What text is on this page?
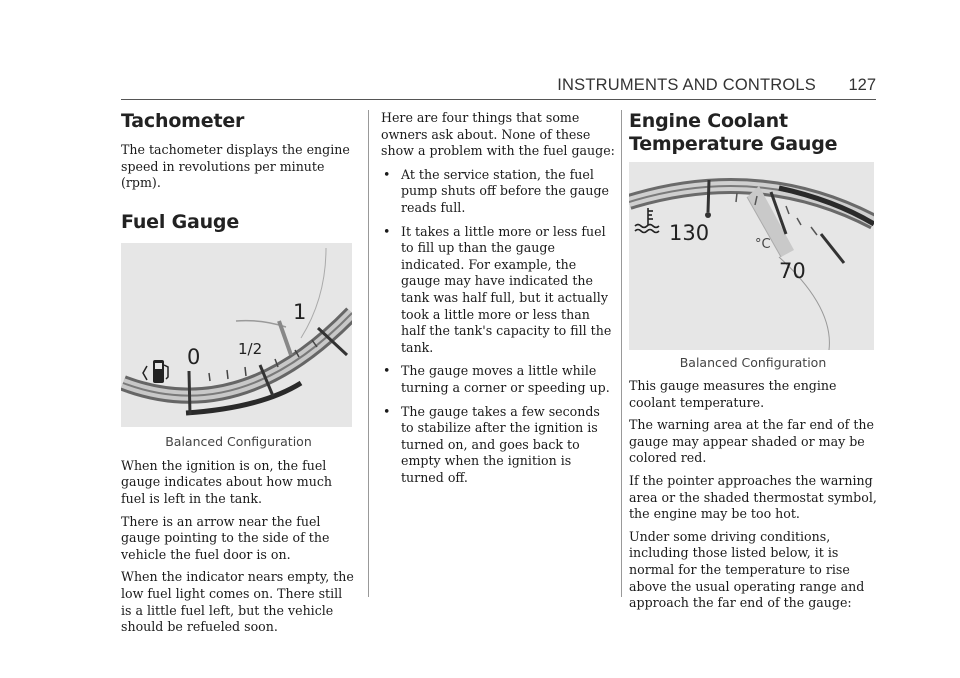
INSTRUMENTS AND CONTROLS 127
Tachometer

The tachometer displays the engine speed in revolutions per minute (rpm).

Fuel Gauge
0	1/2
1
Balanced Configuration

When the ignition is on, the fuel gauge indicates about how much fuel is left in the tank.

There is an arrow near the fuel gauge pointing to the side of the vehicle the fuel door is on.

When the indicator nears empty, the low fuel light comes on. There still is a little fuel left, but the vehicle should be refueled soon.

Here are four things that some owners ask about. None of these show a problem with the fuel gauge:

• At the service station, the fuel pump shuts off before the gauge reads full.
• It takes a little more or less fuel to fill up than the gauge indicated. For example, the gauge may have indicated the tank was half full, but it actually took a little more or less than half the tank's capacity to fill the tank.
• The gauge moves a little while turning a corner or speeding up.
• The gauge takes a few seconds to stabilize after the ignition is turned on, and goes back to empty when the ignition is turned off.
Engine Coolant
Temperature Gauge
130	°C
70
Balanced Configuration

This gauge measures the engine coolant temperature.

The warning area at the far end of the gauge may appear shaded or may be colored red.

If the pointer approaches the warning area or the shaded thermostat symbol, the engine may be too hot.

Under some driving conditions, including those listed below, it is normal for the temperature to rise above the usual operating range and approach the far end of the gauge:
